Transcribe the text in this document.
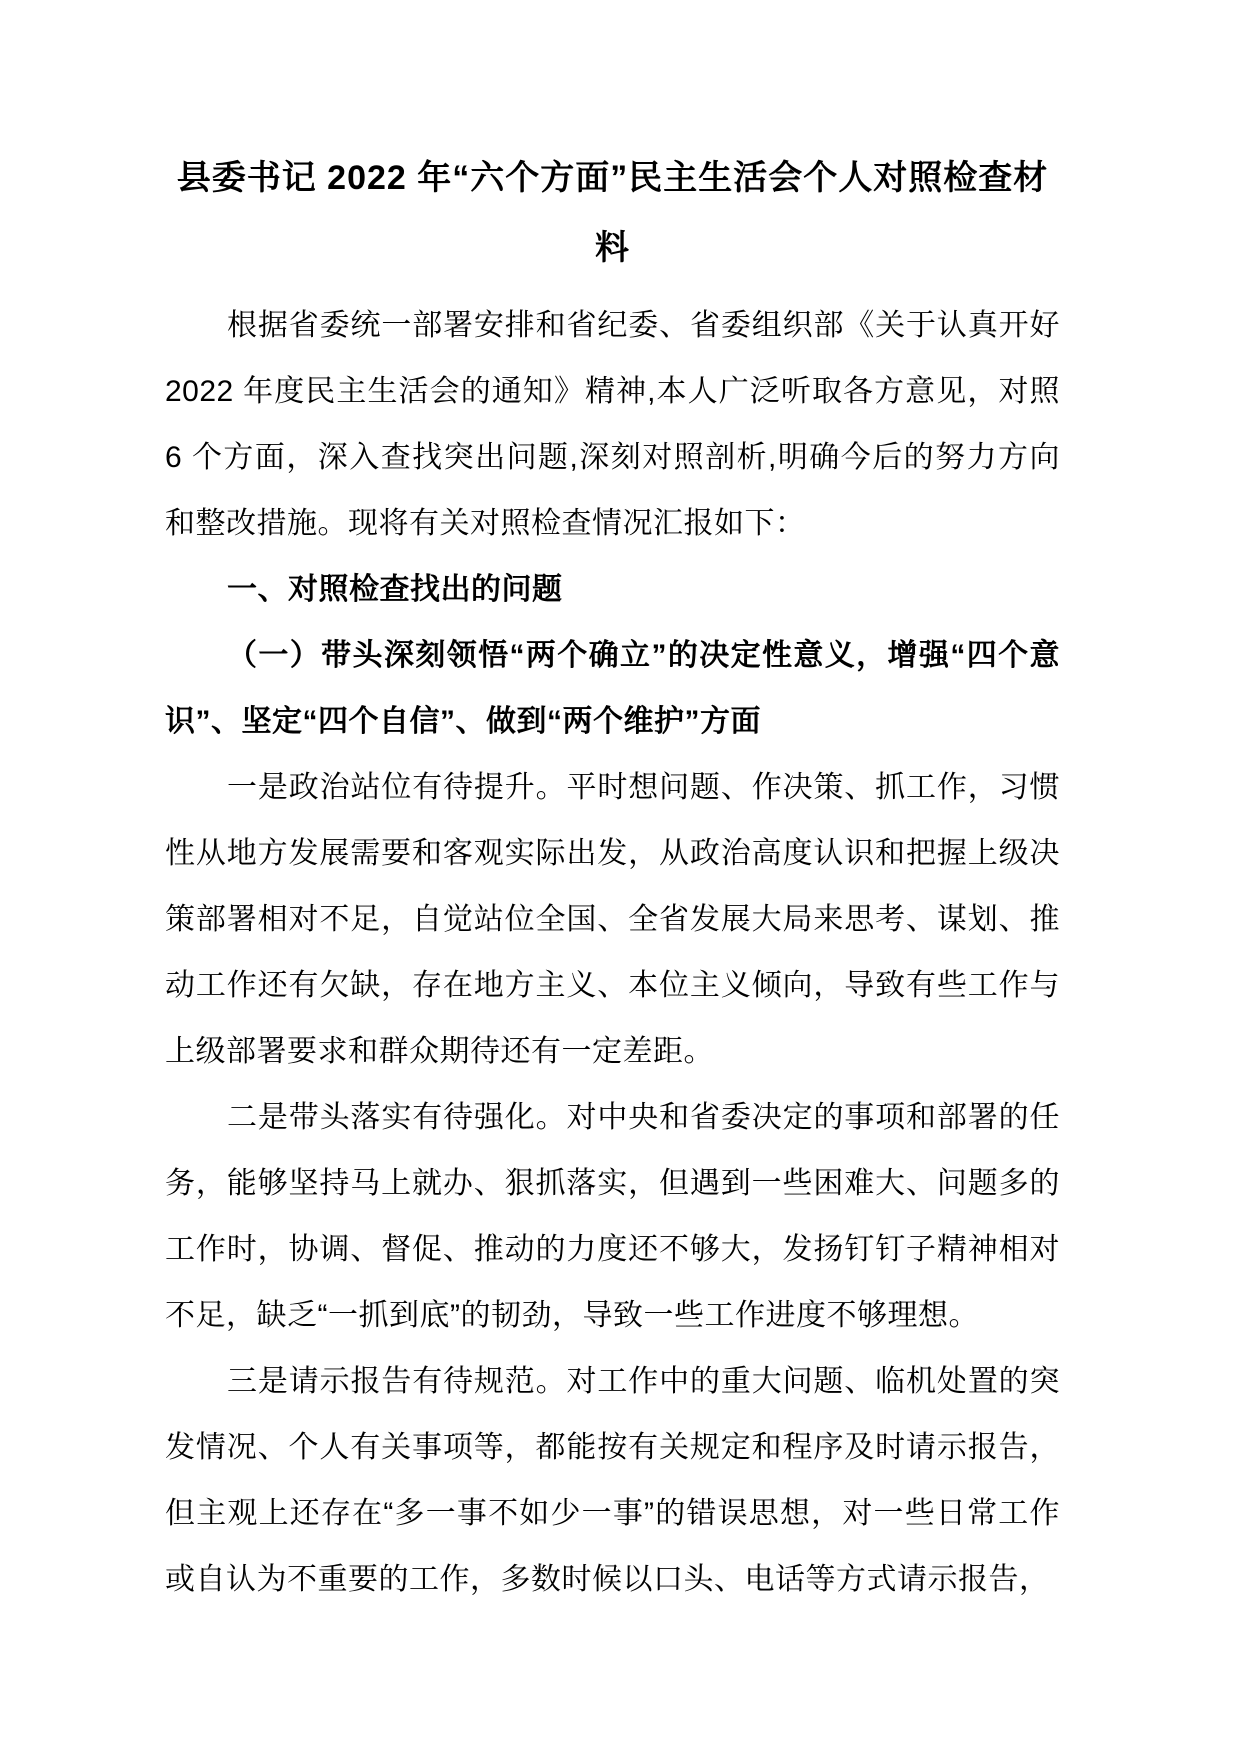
县委书记 2022 年“六个方面”民主生活会个人对照检查材料

根据省委统一部署安排和省纪委、省委组织部《关于认真开好 2022 年度民主生活会的通知》精神,本人广泛听取各方意见，对照 6 个方面，深入查找突出问题,深刻对照剖析,明确今后的努力方向和整改措施。现将有关对照检查情况汇报如下：

一、对照检查找出的问题

（一）带头深刻领悟“两个确立”的决定性意义，增强“四个意识”、坚定“四个自信”、做到“两个维护”方面

一是政治站位有待提升。平时想问题、作决策、抓工作，习惯性从地方发展需要和客观实际出发，从政治高度认识和把握上级决策部署相对不足，自觉站位全国、全省发展大局来思考、谋划、推动工作还有欠缺，存在地方主义、本位主义倾向，导致有些工作与上级部署要求和群众期待还有一定差距。

二是带头落实有待强化。对中央和省委决定的事项和部署的任务，能够坚持马上就办、狠抓落实，但遇到一些困难大、问题多的工作时，协调、督促、推动的力度还不够大，发扬钉钉子精神相对不足，缺乏“一抓到底”的韧劲，导致一些工作进度不够理想。

三是请示报告有待规范。对工作中的重大问题、临机处置的突发情况、个人有关事项等，都能按有关规定和程序及时请示报告，但主观上还存在“多一事不如少一事”的错误思想，对一些日常工作或自认为不重要的工作，多数时候以口头、电话等方式请示报告，
